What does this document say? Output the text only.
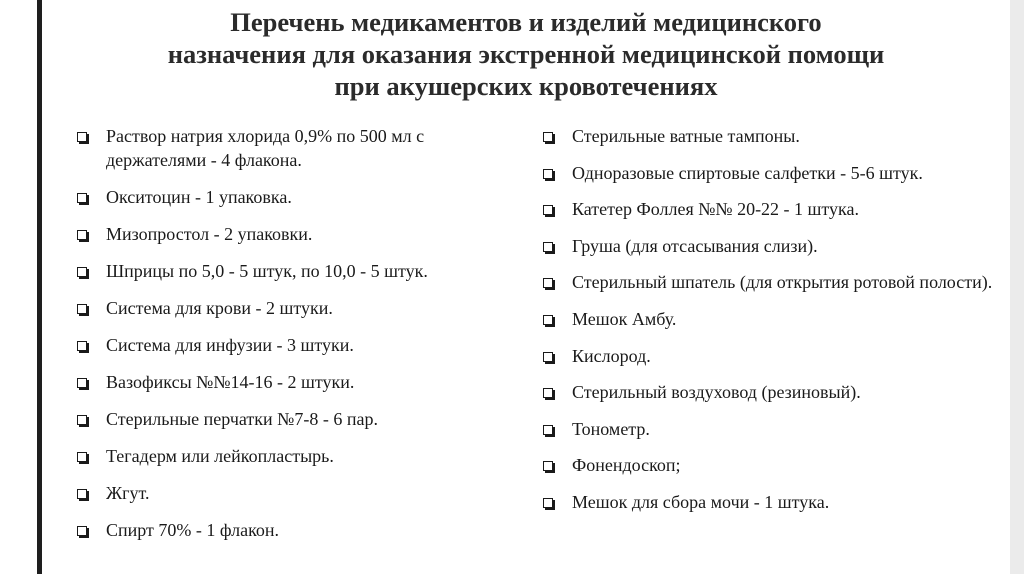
Перечень медикаментов и изделий медицинского
назначения для оказания экстренной медицинской помощи
при акушерских кровотечениях
Раствор натрия хлорида 0,9% по 500 мл с держателями - 4 флакона.
Окситоцин - 1 упаковка.
Мизопростол - 2 упаковки.
Шприцы по 5,0 - 5 штук, по 10,0 - 5 штук.
Система для крови - 2 штуки.
Система для инфузии - 3 штуки.
Вазофиксы №№14-16 - 2 штуки.
Стерильные перчатки №7-8 - 6 пар.
Тегадерм или лейкопластырь.
Жгут.
Спирт 70% - 1 флакон.
Стерильные ватные тампоны.
Одноразовые спиртовые салфетки - 5-6 штук.
Катетер Фоллея №№ 20-22 - 1 штука.
Груша (для отсасывания слизи).
Стерильный шпатель (для открытия ротовой полости).
Мешок Амбу.
Кислород.
Стерильный воздуховод (резиновый).
Тонометр.
Фонендоскоп;
Мешок для сбора мочи - 1 штука.
